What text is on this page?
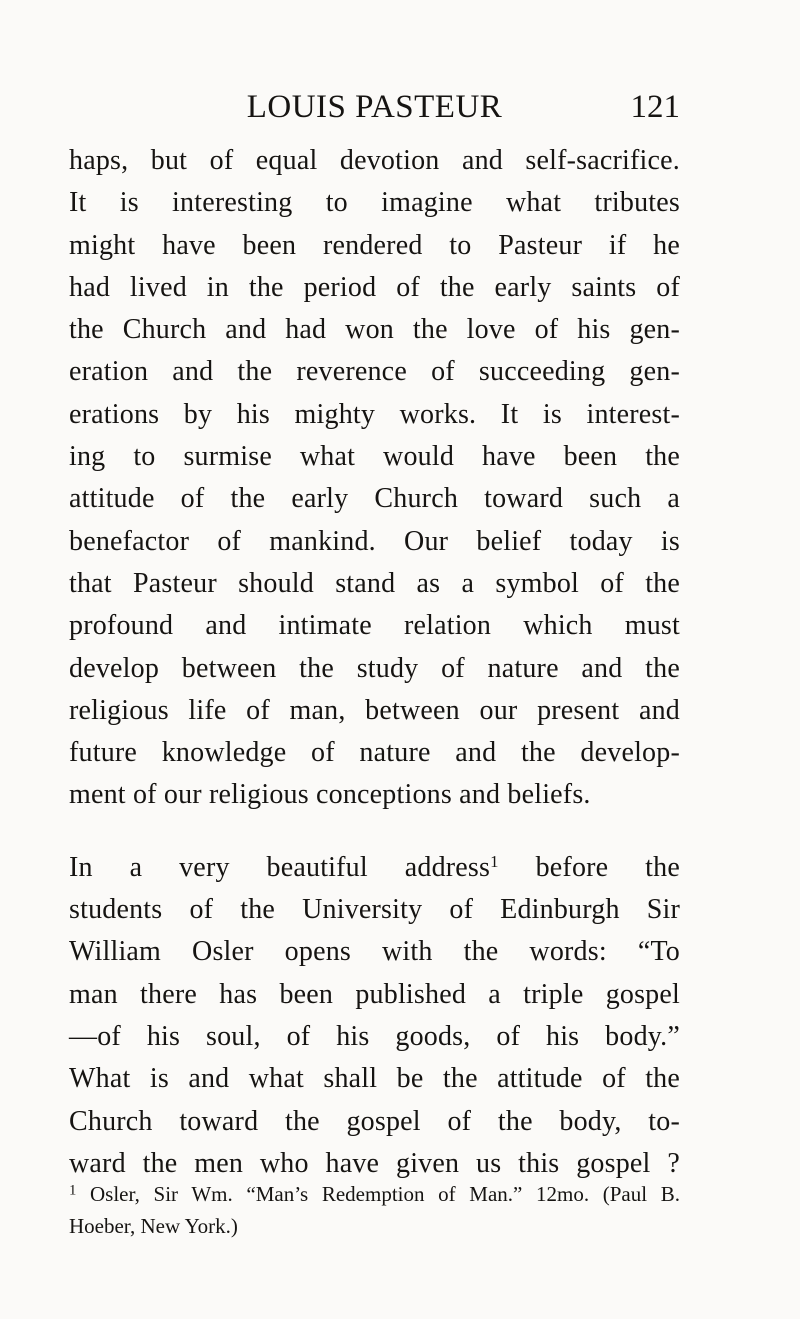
LOUIS PASTEUR	121
haps, but of equal devotion and self-sacrifice.
It is interesting to imagine what tributes
might have been rendered to Pasteur if he
had lived in the period of the early saints of
the Church and had won the love of his gen-
eration and the reverence of succeeding gen-
erations by his mighty works. It is interest-
ing to surmise what would have been the
attitude of the early Church toward such a
benefactor of mankind. Our belief today is
that Pasteur should stand as a symbol of the
profound and intimate relation which must
develop between the study of nature and the
religious life of man, between our present and
future knowledge of nature and the develop-
ment of our religious conceptions and beliefs.
In a very beautiful address$^1$ before the
students of the University of Edinburgh Sir
William Osler opens with the words: “To
man there has been published a triple gospel
—of his soul, of his goods, of his body.”
What is and what shall be the attitude of the
Church toward the gospel of the body, to-
ward the men who have given us this gospel ?
$^1$ Osler, Sir Wm. “Man’s Redemption of Man.” 12mo. (Paul B.
Hoeber, New York.)
